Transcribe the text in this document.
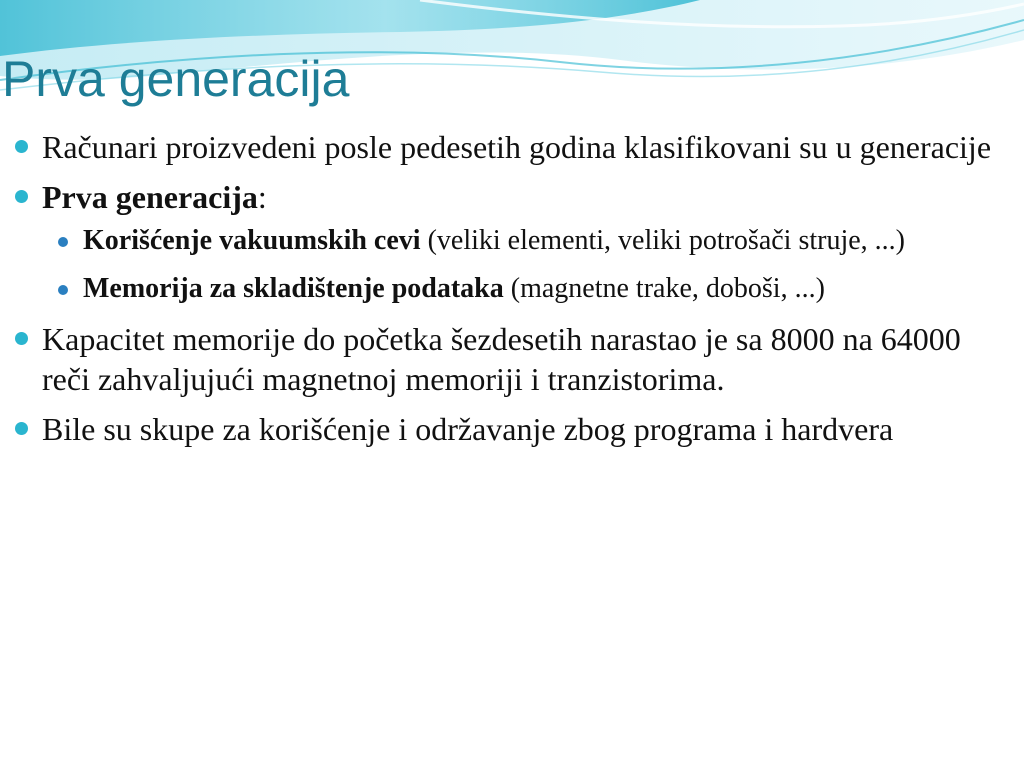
Prva generacija
Računari proizvedeni posle pedesetih godina klasifikovani su u generacije
Prva generacija:
Korišćenje vakuumskih cevi (veliki elementi, veliki potrošači struje, ...)
Memorija za skladištenje podataka (magnetne trake, doboši, ...)
Kapacitet memorije do početka šezdesetih narastao je sa 8000 na 64000 reči zahvaljujući magnetnoj memoriji i tranzistorima.
Bile su skupe za korišćenje i održavanje zbog programa i hardvera
